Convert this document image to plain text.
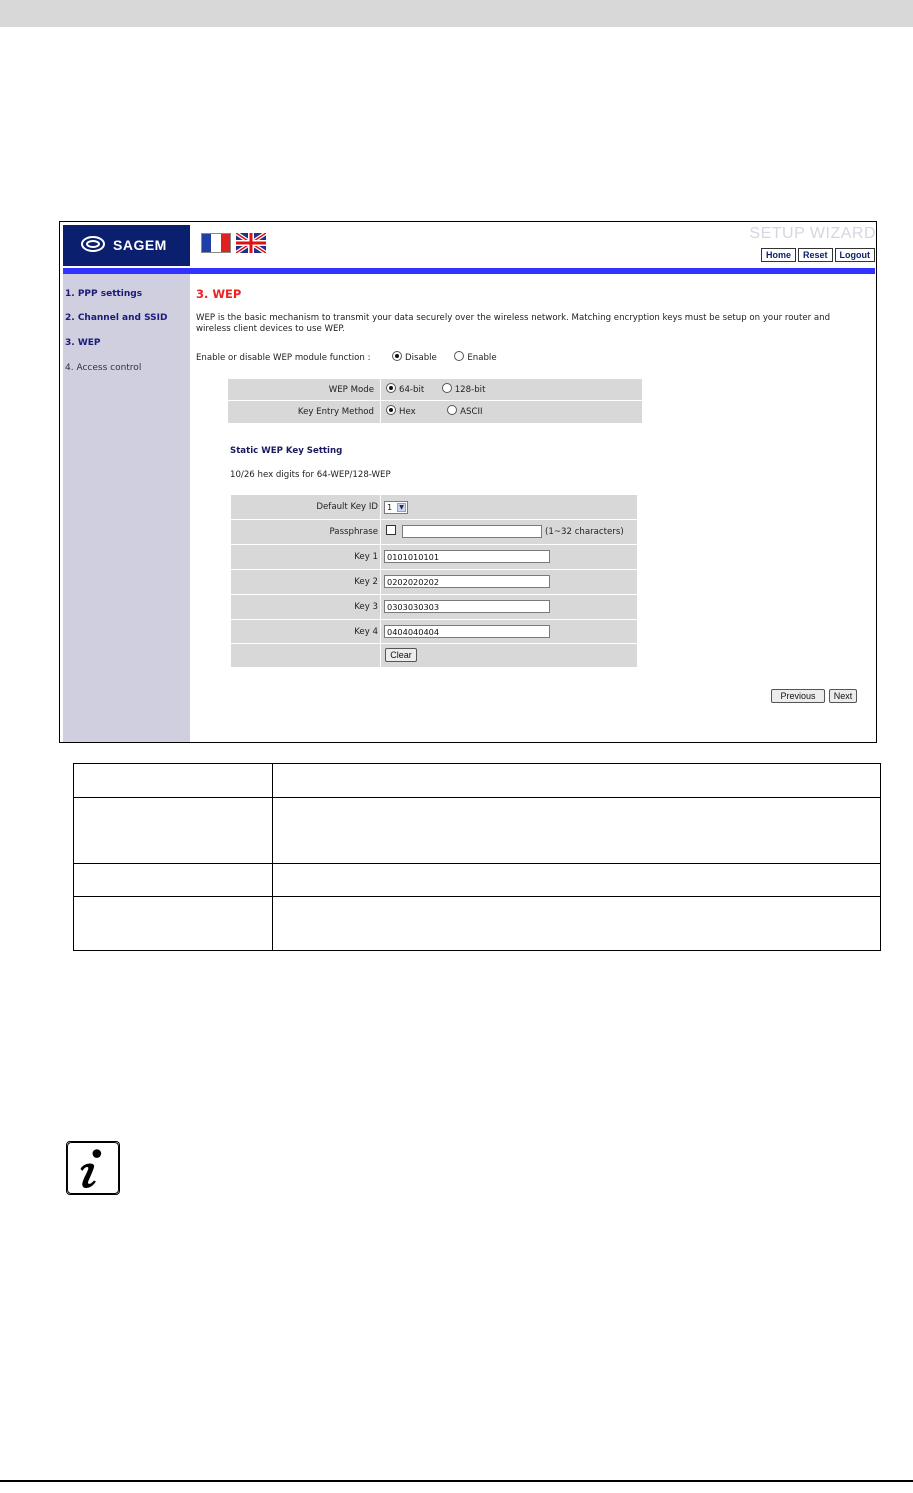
SAGEM
SETUP WIZARD
Home	Reset	Logout
1. PPP settings
2. Channel and SSID
3. WEP
4. Access control
3. WEP
WEP is the basic mechanism to transmit your data securely over the wireless network. Matching encryption keys must be setup on your router and wireless client devices to use WEP.
Enable or disable WEP module function :	Disable	Enable
WEP Mode	64-bit	128-bit
Key Entry Method	Hex	ASCII
Static WEP Key Setting
10/26 hex digits for 64-WEP/128-WEP
Default Key ID	1	▼
Passphrase	(1~32 characters)
Key 1	0101010101
Key 2	0202020202
Key 3	0303030303
Key 4	0404040404
Clear
Previous	Next
